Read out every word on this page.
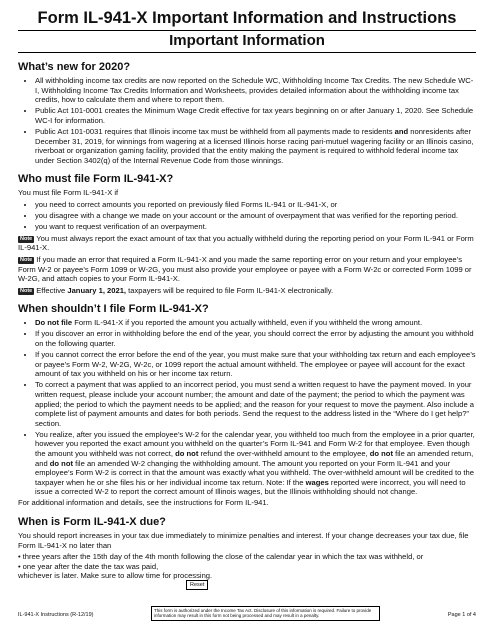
Form IL-941-X Important Information and Instructions
Important Information
What’s new for 2020?
• All withholding income tax credits are now reported on the Schedule WC, Withholding Income Tax Credits. The new Schedule WC-I, Withholding Income Tax Credits Information and Worksheets, provides detailed information about the withholding income tax credits, how to calculate them and where to report them.
• Public Act 101-0001 creates the Minimum Wage Credit effective for tax years beginning on or after January 1, 2020. See Schedule WC-I for information.
• Public Act 101-0031 requires that Illinois income tax must be withheld from all payments made to residents and nonresidents after December 31, 2019, for winnings from wagering at a licensed Illinois horse racing pari-mutuel wagering facility or an Illinois casino, riverboat or organization gaming facility, provided that the entity making the payment is required to withhold federal income tax under Section 3402(q) of the Internal Revenue Code from those winnings.
Who must file Form IL-941-X?

You must file Form IL-941-X if

• you need to correct amounts you reported on previously filed Forms IL-941 or IL-941-X, or
• you disagree with a change we made on your account or the amount of overpayment that was verified for the reporting period.
• you want to request verification of an overpayment.

Note You must always report the exact amount of tax that you actually withheld during the reporting period on your Form IL-941 or Form IL-941-X.

Note If you made an error that required a Form IL-941-X and you made the same reporting error on your return and your employee’s Form W-2 or payee’s Form 1099 or W-2G, you must also provide your employee or payee with a Form W-2c or corrected Form 1099 or W-2G, and attach copies to your Form IL-941-X.

Note Effective January 1, 2021, taxpayers will be required to file Form IL-941-X electronically.

When shouldn’t I file Form IL-941-X?
• Do not file Form IL-941-X if you reported the amount you actually withheld, even if you withheld the wrong amount.
• If you discover an error in withholding before the end of the year, you should correct the error by adjusting the amount you withhold on the following quarter.
• If you cannot correct the error before the end of the year, you must make sure that your withholding tax return and each employee’s or payee’s Form W-2, W-2G, W-2c, or 1099 report the actual amount withheld. The employee or payee will account for the exact amount of tax you withheld on his or her income tax return.
• To correct a payment that was applied to an incorrect period, you must send a written request to have the payment moved. In your written request, please include your account number; the amount and date of the payment; the period to which the payment was applied; the period to which the payment needs to be applied; and the reason for your request to move the payment. Also include a complete list of payment amounts and dates for both periods. Send the request to the address listed in the “Where do I get help?” section.
• You realize, after you issued the employee’s W-2 for the calendar year, you withheld too much from the employee in a prior quarter, however you reported the exact amount you withheld on the quarter’s Form IL-941 and Form W-2 for that employee. Even though the amount you withheld was not correct, do not refund the over-withheld amount to the employee, do not file an amended return, and do not file an amended W-2 changing the withholding amount. The amount you reported on your Form IL-941 and your employee’s Form W-2 is correct in that the amount was exactly what you withheld. The over-withheld amount will be credited to the taxpayer when he or she files his or her individual income tax return. Note: If the wages reported were incorrect, you will need to issue a corrected W-2 to report the correct amount of Illinois wages, but the Illinois withholding should not change.

For additional information and details, see the instructions for Form IL-941.

When is Form IL-941-X due?

You should report increases in your tax due immediately to minimize penalties and interest. If your change decreases your tax due, file Form IL-941-X no later than

• three years after the 15th day of the 4th month following the close of the calendar year in which the tax was withheld, or
• one year after the date the tax was paid,

whichever is later. Make sure to allow time for processing.

Reset
IL-941-X Instructions (R-12/19)
This form is authorized under the Income Tax Act. Disclosure of this information is required. Failure to provide information may result in this form not being processed and may result in a penalty.	Page 1 of 4
